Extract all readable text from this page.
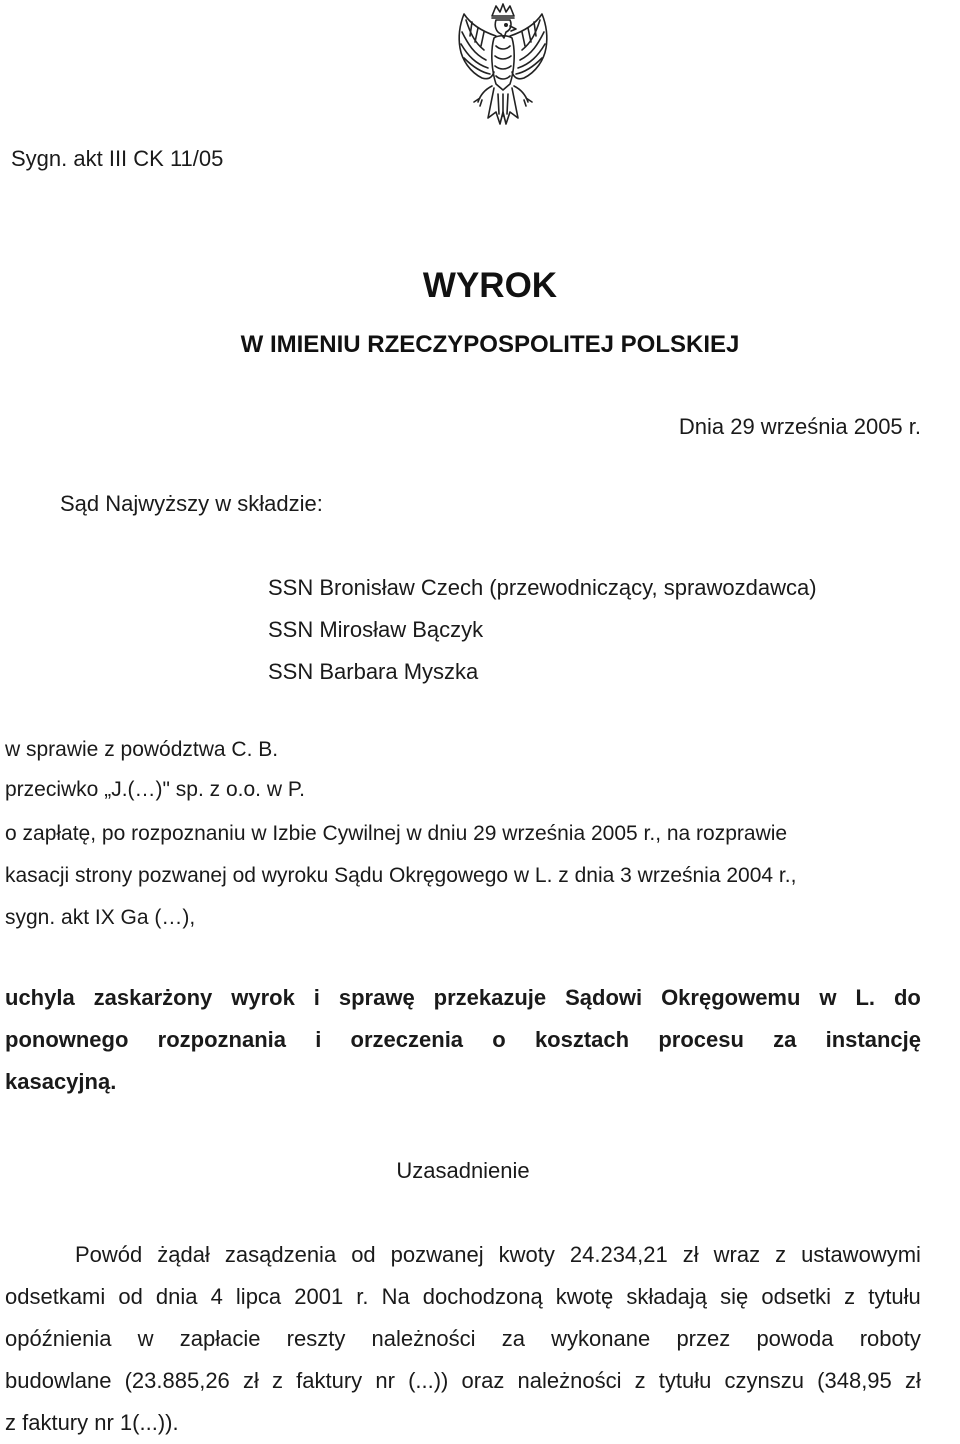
Sygn. akt III CK 11/05
WYROK
W IMIENIU RZECZYPOSPOLITEJ POLSKIEJ
Dnia 29 września 2005 r.
Sąd Najwyższy w składzie:
SSN Bronisław Czech (przewodniczący, sprawozdawca)
SSN Mirosław Bączyk
SSN Barbara Myszka
w sprawie z powództwa C. B.
przeciwko „J.(…)" sp. z o.o. w P.
o zapłatę, po rozpoznaniu w Izbie Cywilnej w dniu 29 września 2005 r., na rozprawie
kasacji strony pozwanej od wyroku Sądu Okręgowego w L. z dnia 3 września 2004 r.,
sygn. akt IX Ga (…),
uchyla zaskarżony wyrok i sprawę przekazuje Sądowi Okręgowemu w L. do
ponownego rozpoznania i orzeczenia o kosztach procesu za instancję
kasacyjną.
Uzasadnienie
Powód żądał zasądzenia od pozwanej kwoty 24.234,21 zł wraz z ustawowymi
odsetkami od dnia 4 lipca 2001 r. Na dochodzoną kwotę składają się odsetki z tytułu
opóźnienia w zapłacie reszty należności za wykonane przez powoda roboty
budowlane (23.885,26 zł z faktury nr (...)) oraz należności z tytułu czynszu (348,95 zł
z faktury nr 1(...)).
